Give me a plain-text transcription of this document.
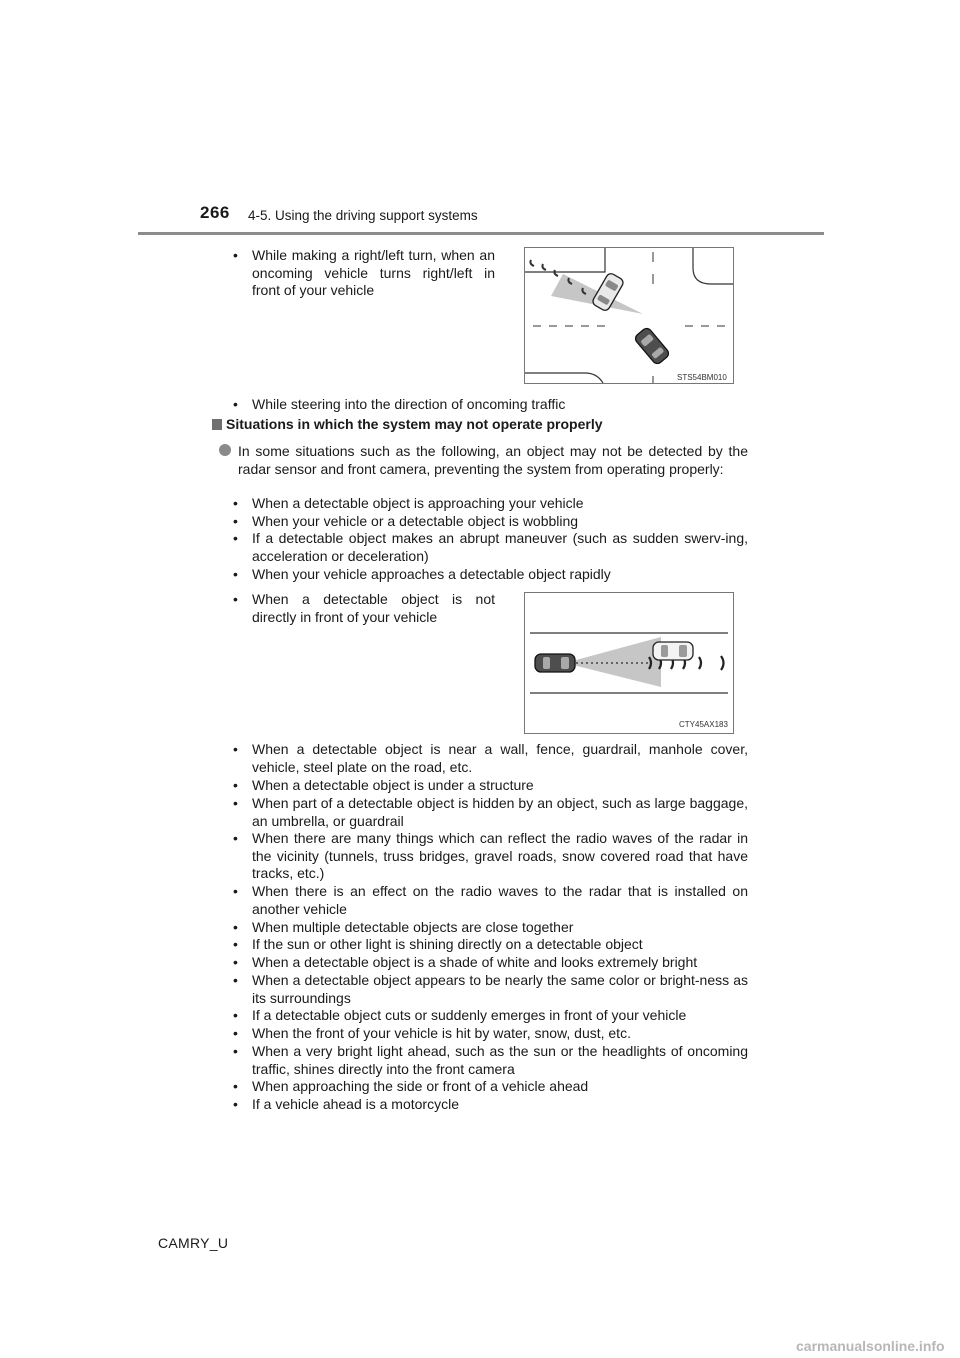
266 4-5. Using the driving support systems
•	While making a right/left turn, when an oncoming vehicle turns right/left in front of your vehicle
STS54BM010
•	While steering into the direction of oncoming traffic
Situations in which the system may not operate properly
In some situations such as the following, an object may not be detected by the radar sensor and front camera, preventing the system from operating properly:
•	When a detectable object is approaching your vehicle
•	When your vehicle or a detectable object is wobbling
•	If a detectable object makes an abrupt maneuver (such as sudden swerv-ing, acceleration or deceleration)
•	When your vehicle approaches a detectable object rapidly
•	When a detectable object is not directly in front of your vehicle
CTY45AX183
•	When a detectable object is near a wall, fence, guardrail, manhole cover, vehicle, steel plate on the road, etc.
•	When a detectable object is under a structure
•	When part of a detectable object is hidden by an object, such as large baggage, an umbrella, or guardrail
•	When there are many things which can reflect the radio waves of the radar in the vicinity (tunnels, truss bridges, gravel roads, snow covered road that have tracks, etc.)
•	When there is an effect on the radio waves to the radar that is installed on another vehicle
•	When multiple detectable objects are close together
•	If the sun or other light is shining directly on a detectable object
•	When a detectable object is a shade of white and looks extremely bright
•	When a detectable object appears to be nearly the same color or bright-ness as its surroundings
•	If a detectable object cuts or suddenly emerges in front of your vehicle
•	When the front of your vehicle is hit by water, snow, dust, etc.
•	When a very bright light ahead, such as the sun or the headlights of oncoming traffic, shines directly into the front camera
•	When approaching the side or front of a vehicle ahead
•	If a vehicle ahead is a motorcycle
CAMRY_U
carmanualsonline.info
